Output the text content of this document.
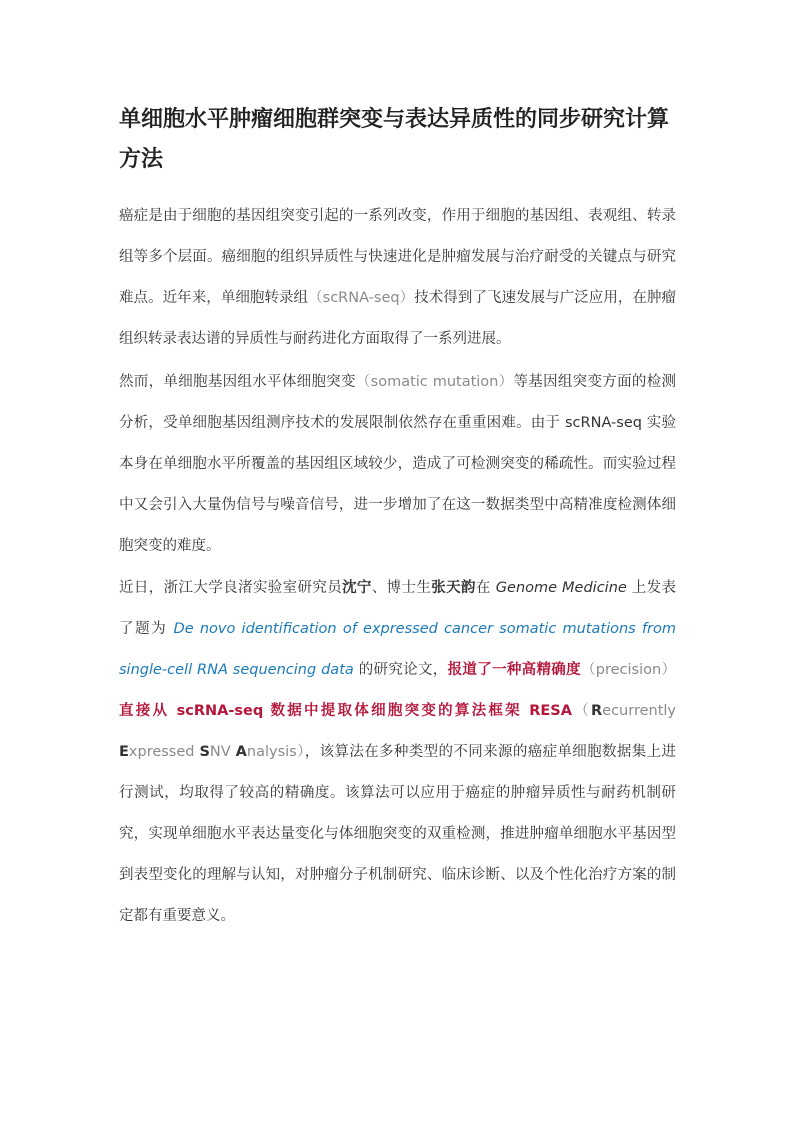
单细胞水平肿瘤细胞群突变与表达异质性的同步研究计算方法

癌症是由于细胞的基因组突变引起的一系列改变，作用于细胞的基因组、表观组、转录组等多个层面。癌细胞的组织异质性与快速进化是肿瘤发展与治疗耐受的关键点与研究难点。近年来，单细胞转录组（scRNA-seq）技术得到了飞速发展与广泛应用，在肿瘤组织转录表达谱的异质性与耐药进化方面取得了一系列进展。

然而，单细胞基因组水平体细胞突变（somatic mutation）等基因组突变方面的检测分析，受单细胞基因组测序技术的发展限制依然存在重重困难。由于 scRNA-seq 实验本身在单细胞水平所覆盖的基因组区域较少，造成了可检测突变的稀疏性。而实验过程中又会引入大量伪信号与噪音信号，进一步增加了在这一数据类型中高精准度检测体细胞突变的难度。

近日，浙江大学良渚实验室研究员沈宁、博士生张天韵在 Genome Medicine 上发表了题为 De novo identification of expressed cancer somatic mutations from single-cell RNA sequencing data 的研究论文，报道了一种高精确度（precision）直接从 scRNA-seq 数据中提取体细胞突变的算法框架 RESA（Recurrently Expressed SNV Analysis），该算法在多种类型的不同来源的癌症单细胞数据集上进行测试，均取得了较高的精确度。该算法可以应用于癌症的肿瘤异质性与耐药机制研究，实现单细胞水平表达量变化与体细胞突变的双重检测，推进肿瘤单细胞水平基因型到表型变化的理解与认知，对肿瘤分子机制研究、临床诊断、以及个性化治疗方案的制定都有重要意义。
